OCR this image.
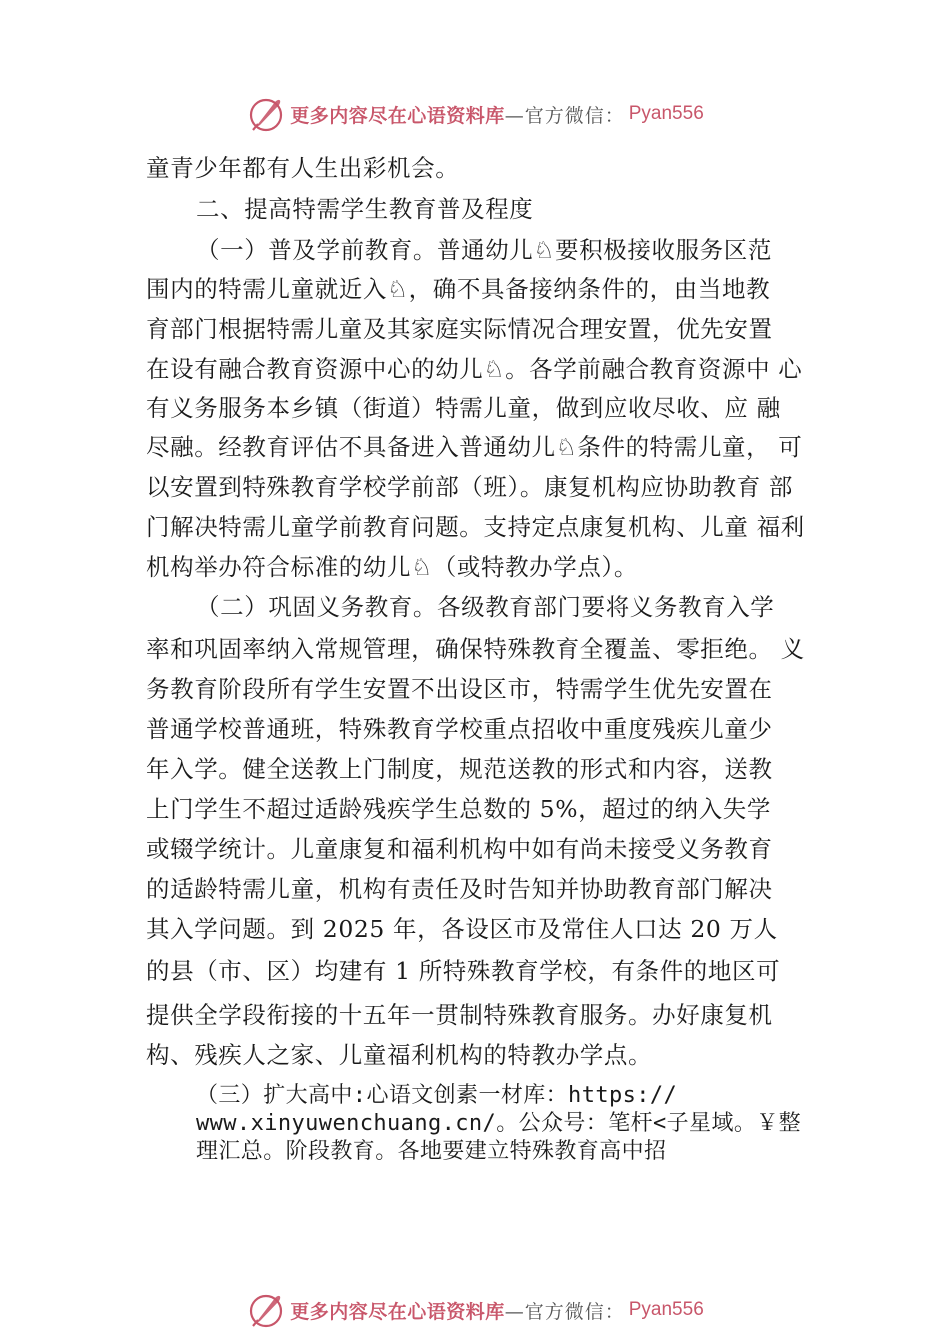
更多内容尽在心语资料库 —官方微信： Pyan556
童青少年都有人生出彩机会。
二、提高特需学生教育普及程度
（一）普及学前教育。普通幼儿♘要积极接收服务区范
围内的特需儿童就近入♘，确不具备接纳条件的，由当地教
育部门根据特需儿童及其家庭实际情况合理安置，优先安置
在设有融合教育资源中心的幼儿♘。各学前融合教育资源中 心
有义务服务本乡镇（街道）特需儿童，做到应收尽收、应 融
尽融。经教育评估不具备进入普通幼儿♘条件的特需儿童， 可
以安置到特殊教育学校学前部（班）。康复机构应协助教育 部
门解决特需儿童学前教育问题。支持定点康复机构、儿童 福利
机构举办符合标准的幼儿♘（或特教办学点）。
（二）巩固义务教育。各级教育部门要将义务教育入学
率和巩固率纳入常规管理，确保特殊教育全覆盖、零拒绝。 义
务教育阶段所有学生安置不出设区市，特需学生优先安置在
普通学校普通班，特殊教育学校重点招收中重度残疾儿童少
年入学。健全送教上门制度，规范送教的形式和内容，送教
上门学生不超过适龄残疾学生总数的 5%，超过的纳入失学
或辍学统计。儿童康复和福利机构中如有尚未接受义务教育
的适龄特需儿童，机构有责任及时告知并协助教育部门解决
其入学问题。到 2025 年，各设区市及常住人口达 20 万人
的县（市、区）均建有 1 所特殊教育学校，有条件的地区可
提供全学段衔接的十五年一贯制特殊教育服务。办好康复机
构、残疾人之家、儿童福利机构的特教办学点。
（三）扩大高中:心语文创素一材库：https://
www.xinyuwenchuang.cn/。公众号：笔杆<子星域。￥整
理汇总。阶段教育。各地要建立特殊教育高中招
更多内容尽在心语资料库 —官方微信： Pyan556
